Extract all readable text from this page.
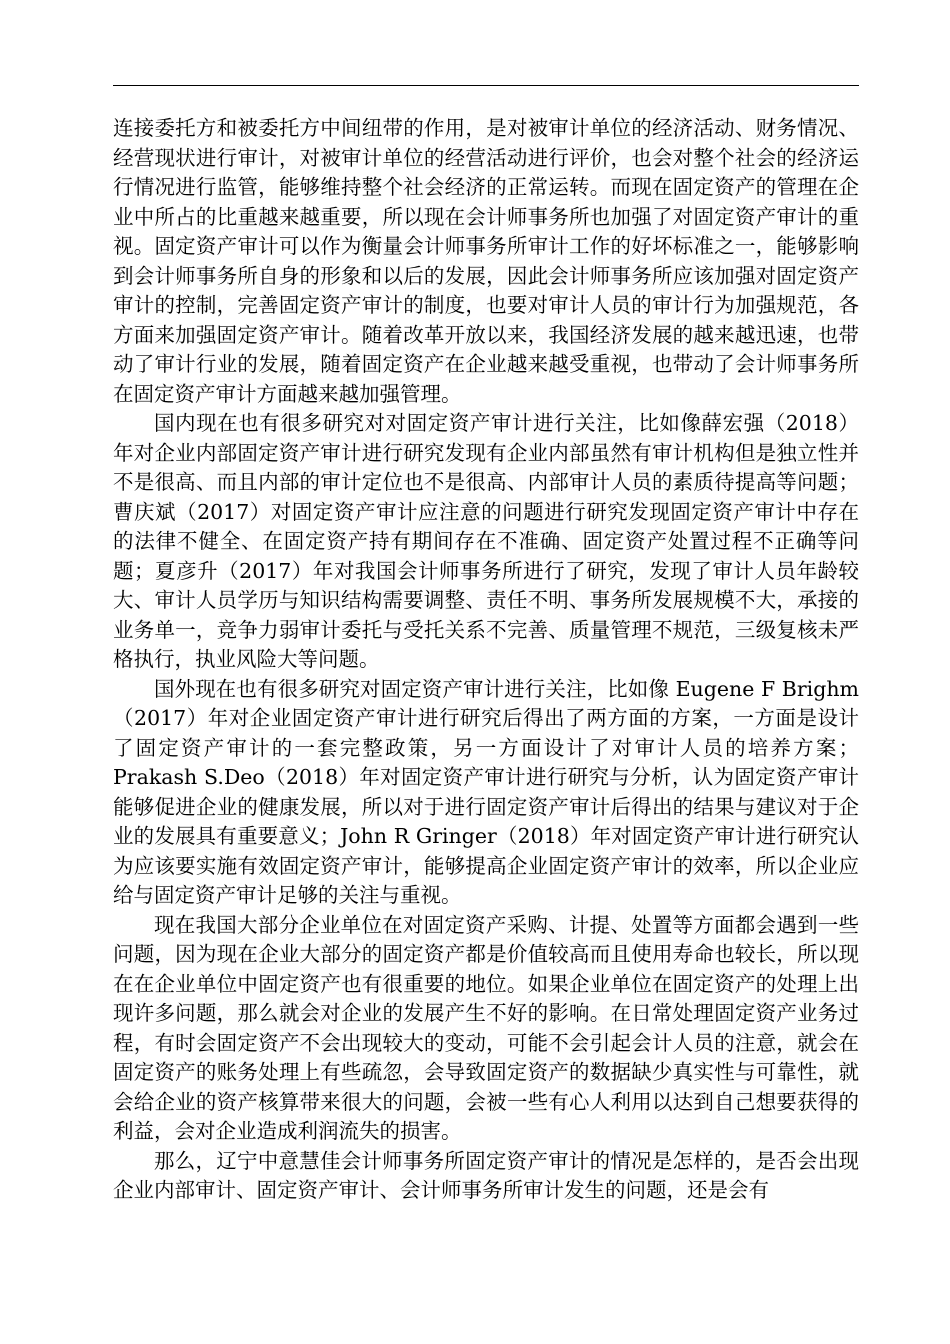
连接委托方和被委托方中间纽带的作用，是对被审计单位的经济活动、财务情况、经营现状进行审计，对被审计单位的经营活动进行评价，也会对整个社会的经济运行情况进行监管，能够维持整个社会经济的正常运转。而现在固定资产的管理在企业中所占的比重越来越重要，所以现在会计师事务所也加强了对固定资产审计的重视。固定资产审计可以作为衡量会计师事务所审计工作的好坏标准之一，能够影响到会计师事务所自身的形象和以后的发展，因此会计师事务所应该加强对固定资产审计的控制，完善固定资产审计的制度，也要对审计人员的审计行为加强规范，各方面来加强固定资产审计。随着改革开放以来，我国经济发展的越来越迅速，也带动了审计行业的发展，随着固定资产在企业越来越受重视，也带动了会计师事务所在固定资产审计方面越来越加强管理。

国内现在也有很多研究对对固定资产审计进行关注，比如像薛宏强（2018）年对企业内部固定资产审计进行研究发现有企业内部虽然有审计机构但是独立性并不是很高、而且内部的审计定位也不是很高、内部审计人员的素质待提高等问题；曹庆斌（2017）对固定资产审计应注意的问题进行研究发现固定资产审计中存在的法律不健全、在固定资产持有期间存在不准确、固定资产处置过程不正确等问题；夏彦升（2017）年对我国会计师事务所进行了研究，发现了审计人员年龄较大、审计人员学历与知识结构需要调整、责任不明、事务所发展规模不大，承接的业务单一，竞争力弱审计委托与受托关系不完善、质量管理不规范，三级复核未严格执行，执业风险大等问题。

国外现在也有很多研究对固定资产审计进行关注，比如像 Eugene F Brighm（2017）年对企业固定资产审计进行研究后得出了两方面的方案，一方面是设计了固定资产审计的一套完整政策，另一方面设计了对审计人员的培养方案；Prakash S.Deo（2018）年对固定资产审计进行研究与分析，认为固定资产审计能够促进企业的健康发展，所以对于进行固定资产审计后得出的结果与建议对于企业的发展具有重要意义；John R Gringer（2018）年对固定资产审计进行研究认为应该要实施有效固定资产审计，能够提高企业固定资产审计的效率，所以企业应给与固定资产审计足够的关注与重视。

现在我国大部分企业单位在对固定资产采购、计提、处置等方面都会遇到一些问题，因为现在企业大部分的固定资产都是价值较高而且使用寿命也较长，所以现在在企业单位中固定资产也有很重要的地位。如果企业单位在固定资产的处理上出现许多问题，那么就会对企业的发展产生不好的影响。在日常处理固定资产业务过程，有时会固定资产不会出现较大的变动，可能不会引起会计人员的注意，就会在固定资产的账务处理上有些疏忽，会导致固定资产的数据缺少真实性与可靠性，就会给企业的资产核算带来很大的问题，会被一些有心人利用以达到自己想要获得的利益，会对企业造成利润流失的损害。

那么，辽宁中意慧佳会计师事务所固定资产审计的情况是怎样的，是否会出现企业内部审计、固定资产审计、会计师事务所审计发生的问题，还是会有
